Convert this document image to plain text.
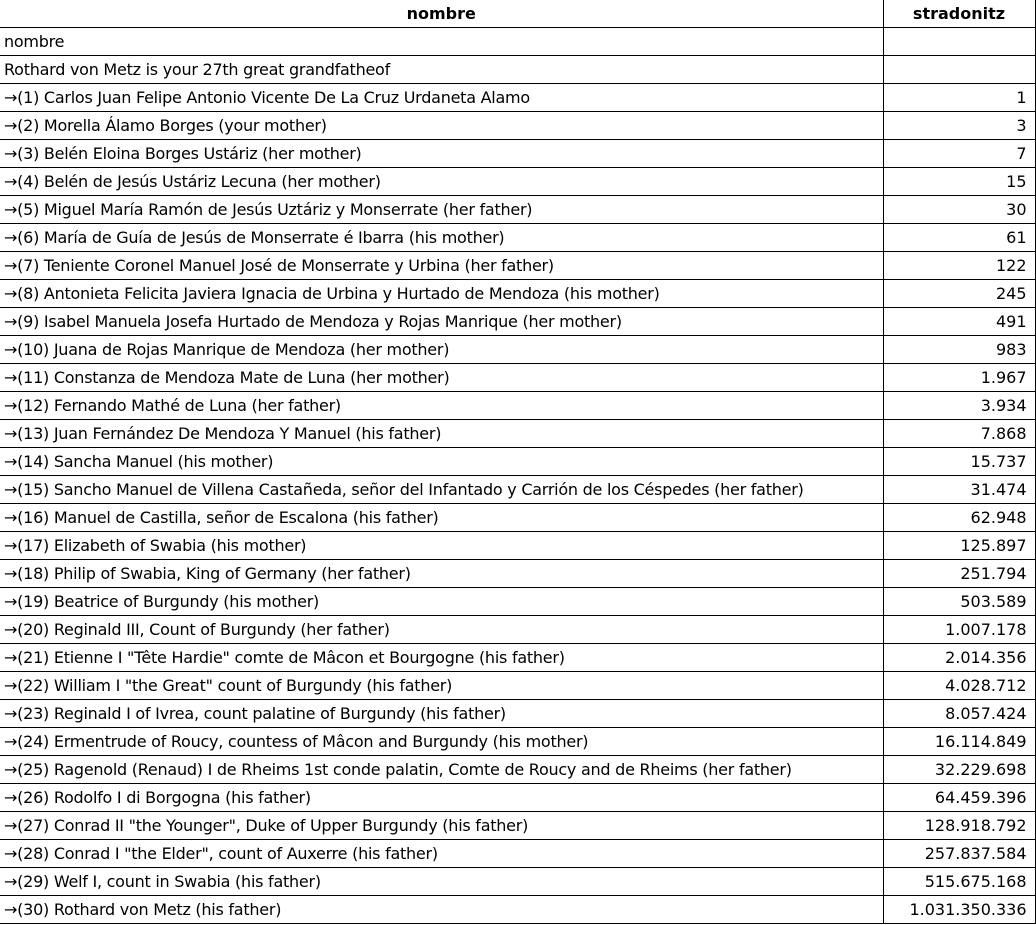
nombre	stradonitz
nombre	
Rothard von Metz is your 27th great grandfatheof	
→(1) Carlos Juan Felipe Antonio Vicente De La Cruz Urdaneta Alamo	1
→(2) Morella Álamo Borges (your mother)	3
→(3) Belén Eloina Borges Ustáriz (her mother)	7
→(4) Belén de Jesús Ustáriz Lecuna (her mother)	15
→(5) Miguel María Ramón de Jesús Uztáriz y Monserrate (her father)	30
→(6) María de Guía de Jesús de Monserrate é Ibarra (his mother)	61
→(7) Teniente Coronel Manuel José de Monserrate y Urbina (her father)	122
→(8) Antonieta Felicita Javiera Ignacia de Urbina y Hurtado de Mendoza (his mother)	245
→(9) Isabel Manuela Josefa Hurtado de Mendoza y Rojas Manrique (her mother)	491
→(10) Juana de Rojas Manrique de Mendoza (her mother)	983
→(11) Constanza de Mendoza Mate de Luna (her mother)	1.967
→(12) Fernando Mathé de Luna (her father)	3.934
→(13) Juan Fernández De Mendoza Y Manuel (his father)	7.868
→(14) Sancha Manuel (his mother)	15.737
→(15) Sancho Manuel de Villena Castañeda, señor del Infantado y Carrión de los Céspedes (her father)	31.474
→(16) Manuel de Castilla, señor de Escalona (his father)	62.948
→(17) Elizabeth of Swabia (his mother)	125.897
→(18) Philip of Swabia, King of Germany (her father)	251.794
→(19) Beatrice of Burgundy (his mother)	503.589
→(20) Reginald III, Count of Burgundy (her father)	1.007.178
→(21) Etienne I "Tête Hardie" comte de Mâcon et Bourgogne (his father)	2.014.356
→(22) William I "the Great" count of Burgundy (his father)	4.028.712
→(23) Reginald I of Ivrea, count palatine of Burgundy (his father)	8.057.424
→(24) Ermentrude of Roucy, countess of Mâcon and Burgundy (his mother)	16.114.849
→(25) Ragenold (Renaud) I de Rheims 1st conde palatin, Comte de Roucy and de Rheims (her father)	32.229.698
→(26) Rodolfo I di Borgogna (his father)	64.459.396
→(27) Conrad II "the Younger", Duke of Upper Burgundy (his father)	128.918.792
→(28) Conrad I "the Elder", count of Auxerre (his father)	257.837.584
→(29) Welf I, count in Swabia (his father)	515.675.168
→(30) Rothard von Metz (his father)	1.031.350.336
